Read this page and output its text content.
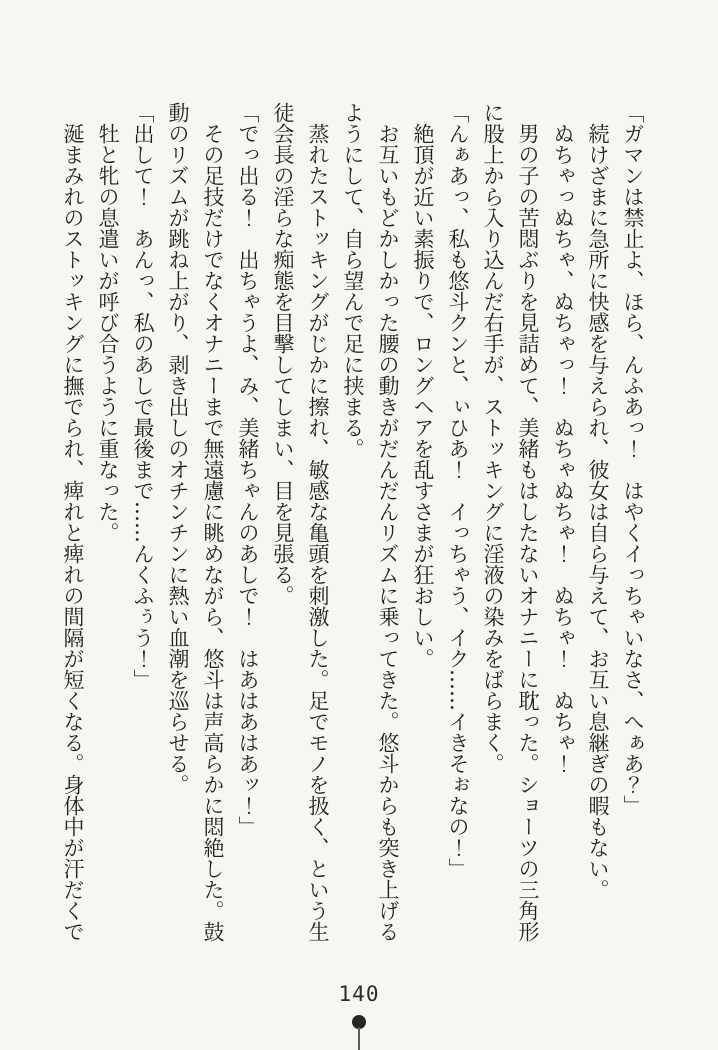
「ガマンは禁止よ、ほら、んふあっ！　はやくイっちゃいなさ、へぁあ？」

続けざまに急所に快感を与えられ、彼女は自ら与えて、お互い息継ぎの暇もない。

ぬちゃっぬちゃ、ぬちゃっ！　ぬちゃぬちゃ！　ぬちゃ！　ぬちゃ！

男の子の苦悶ぶりを見詰めて、美緒もはしたないオナニーに耽った。ショーツの三角形

に股上から入り込んだ右手が、ストッキングに淫液の染みをばらまく。

「んぁあっ、私も悠斗クンと、ぃひあ！　イっちゃう、イク……イきそぉなの！」

絶頂が近い素振りで、ロングヘアを乱すさまが狂おしい。

お互いもどかしかった腰の動きがだんだんリズムに乗ってきた。悠斗からも突き上げる

ようにして、自ら望んで足に挟まる。

蒸れたストッキングがじかに擦れ、敏感な亀頭を刺激した。足でモノを扱く、という生

徒会長の淫らな痴態を目撃してしまい、目を見張る。

「でっ出る！　出ちゃうよ、み、美緒ちゃんのあしで！　はあはあはあッ！」

その足技だけでなくオナニーまで無遠慮に眺めながら、悠斗は声高らかに悶絶した。鼓

動のリズムが跳ね上がり、剥き出しのオチンチンに熱い血潮を巡らせる。

「出して！　あんっ、私のあしで最後まで……んくふぅう！」

牡と牝の息遣いが呼び合うように重なった。

涎まみれのストッキングに撫でられ、痺れと痺れの間隔が短くなる。身体中が汗だくで

140
